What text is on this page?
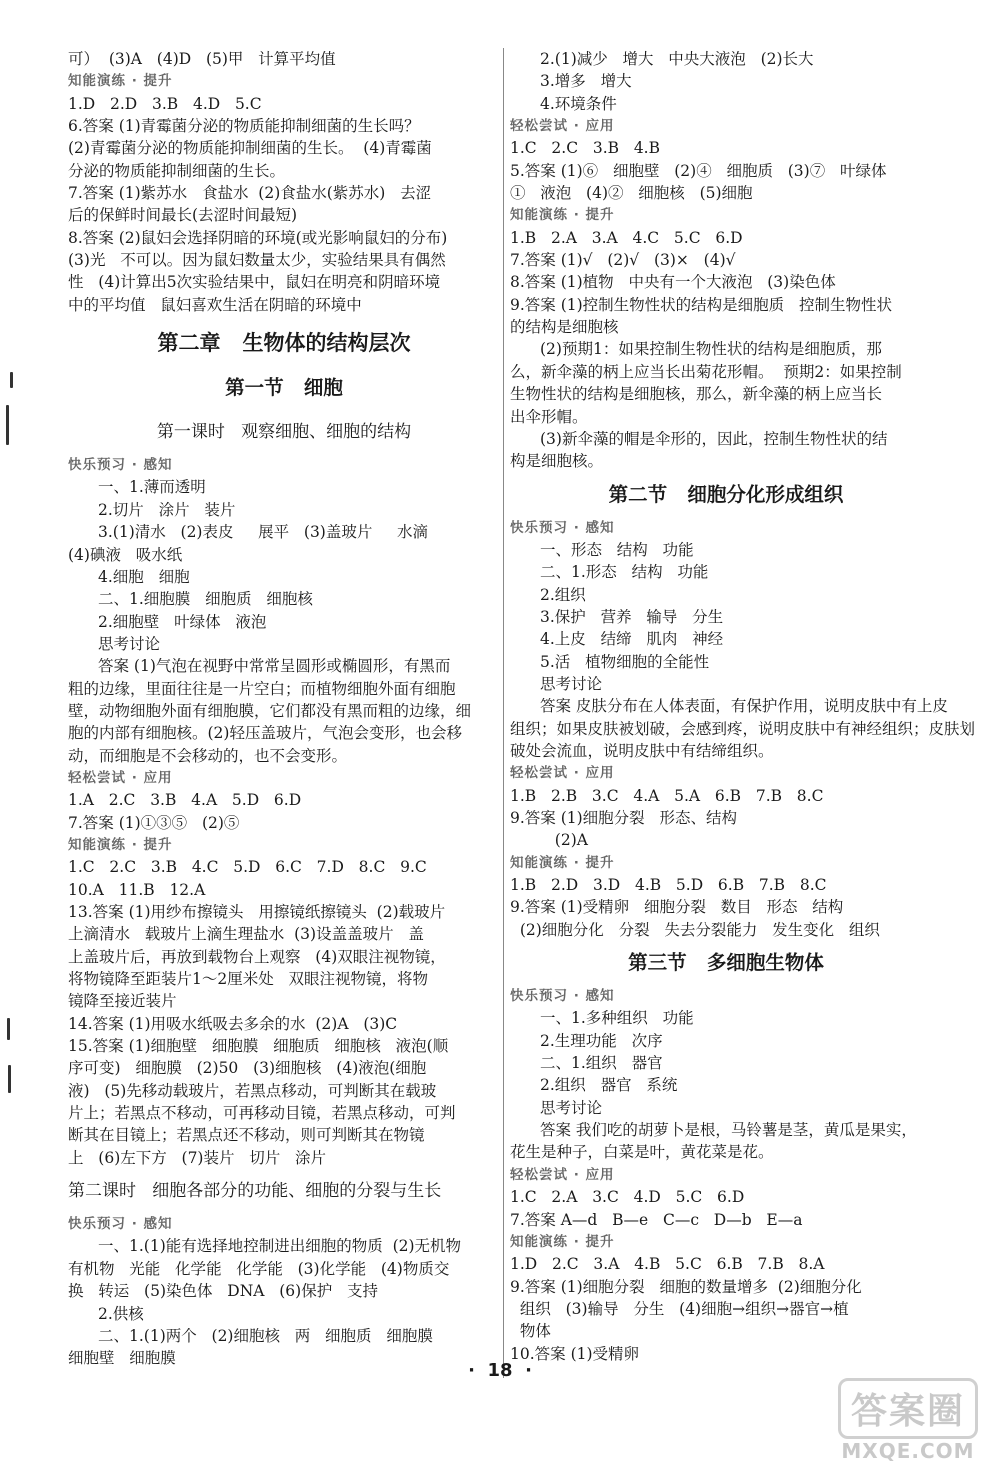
可）  (3)A   (4)D   (5)甲   计算平均值
知能演练 · 提升
1.D   2.D   3.B   4.D   5.C
6.答案 (1)青霉菌分泌的物质能抑制细菌的生长吗？
(2)青霉菌分泌的物质能抑制细菌的生长。  (4)青霉菌
分泌的物质能抑制细菌的生长。
7.答案 (1)紫苏水   食盐水  (2)食盐水(紫苏水)   去涩
后的保鲜时间最长(去涩时间最短)
8.答案 (2)鼠妇会选择阴暗的环境(或光影响鼠妇的分布)
(3)光   不可以。因为鼠妇数量太少，实验结果具有偶然
性   (4)计算出5次实验结果中，鼠妇在明亮和阴暗环境
中的平均值   鼠妇喜欢生活在阴暗的环境中
第二章   生物体的结构层次
第一节   细胞
第一课时   观察细胞、细胞的结构
快乐预习 · 感知
一、1.薄而透明
2.切片   涂片   装片
3.(1)清水   (2)表皮     展平   (3)盖玻片     水滴
(4)碘液   吸水纸
4.细胞   细胞
二、1.细胞膜   细胞质   细胞核
2.细胞壁   叶绿体   液泡
思考讨论
答案 (1)气泡在视野中常常呈圆形或椭圆形，有黑而
粗的边缘，里面往往是一片空白；而植物细胞外面有细胞
壁，动物细胞外面有细胞膜，它们都没有黑而粗的边缘，细
胞的内部有细胞核。(2)轻压盖玻片，气泡会变形，也会移
动，而细胞是不会移动的，也不会变形。
轻松尝试 · 应用
1.A   2.C   3.B   4.A   5.D   6.D
7.答案 (1)①③⑤   (2)⑤
知能演练 · 提升
1.C   2.C   3.B   4.C   5.D   6.C   7.D   8.C   9.C
10.A   11.B   12.A
13.答案 (1)用纱布擦镜头   用擦镜纸擦镜头  (2)载玻片
上滴清水   载玻片上滴生理盐水  (3)设盖盖玻片   盖
上盖玻片后，再放到载物台上观察   (4)双眼注视物镜，
将物镜降至距装片1～2厘米处   双眼注视物镜，将物
镜降至接近装片
14.答案 (1)用吸水纸吸去多余的水  (2)A   (3)C
15.答案 (1)细胞壁   细胞膜   细胞质   细胞核   液泡(顺
序可变)   细胞膜   (2)50   (3)细胞核   (4)液泡(细胞
液)   (5)先移动载玻片，若黑点移动，可判断其在载玻
片上；若黑点不移动，可再移动目镜，若黑点移动，可判
断其在目镜上；若黑点还不移动，则可判断其在物镜
上   (6)左下方   (7)装片   切片   涂片
第二课时   细胞各部分的功能、细胞的分裂与生长
快乐预习 · 感知
一、1.(1)能有选择地控制进出细胞的物质  (2)无机物
有机物   光能   化学能   化学能   (3)化学能   (4)物质交
换   转运   (5)染色体   DNA   (6)保护   支持
2.供核
二、1.(1)两个   (2)细胞核   两   细胞质   细胞膜
细胞壁   细胞膜
2.(1)减少   增大   中央大液泡   (2)长大
3.增多   增大
4.环境条件
轻松尝试 · 应用
1.C   2.C   3.B   4.B
5.答案 (1)⑥   细胞壁   (2)④   细胞质   (3)⑦   叶绿体
①   液泡   (4)②   细胞核   (5)细胞
知能演练 · 提升
1.B   2.A   3.A   4.C   5.C   6.D
7.答案 (1)√   (2)√   (3)×   (4)√
8.答案 (1)植物   中央有一个大液泡   (3)染色体
9.答案 (1)控制生物性状的结构是细胞质   控制生物性状
的结构是细胞核
(2)预期1：如果控制生物性状的结构是细胞质，那
么，新伞藻的柄上应当长出菊花形帽。  预期2：如果控制
生物性状的结构是细胞核，那么，新伞藻的柄上应当长
出伞形帽。
(3)新伞藻的帽是伞形的，因此，控制生物性状的结
构是细胞核。
第二节   细胞分化形成组织
快乐预习 · 感知
一、形态   结构   功能
二、1.形态   结构   功能
2.组织
3.保护   营养   输导   分生
4.上皮   结缔   肌肉   神经
5.活   植物细胞的全能性
思考讨论
答案 皮肤分布在人体表面，有保护作用，说明皮肤中有上皮
组织；如果皮肤被划破，会感到疼，说明皮肤中有神经组织；皮肤划
破处会流血，说明皮肤中有结缔组织。
轻松尝试 · 应用
1.B   2.B   3.C   4.A   5.A   6.B   7.B   8.C
9.答案 (1)细胞分裂   形态、结构
(2)A
知能演练 · 提升
1.B   2.D   3.D   4.B   5.D   6.B   7.B   8.C
9.答案 (1)受精卵   细胞分裂   数目   形态   结构
(2)细胞分化   分裂   失去分裂能力   发生变化   组织
第三节   多细胞生物体
快乐预习 · 感知
一、1.多种组织   功能
2.生理功能   次序
二、1.组织   器官
2.组织   器官   系统
思考讨论
答案 我们吃的胡萝卜是根，马铃薯是茎，黄瓜是果实，
花生是种子，白菜是叶，黄花菜是花。
轻松尝试 · 应用
1.C   2.A   3.C   4.D   5.C   6.D
7.答案 A—d   B—e   C—c   D—b   E—a
知能演练 · 提升
1.D   2.C   3.A   4.B   5.C   6.B   7.B   8.A
9.答案 (1)细胞分裂   细胞的数量增多  (2)细胞分化
组织   (3)输导   分生   (4)细胞→组织→器官→植
物体
10.答案 (1)受精卵
·  18  ·
答案圈
MXQE.COM
